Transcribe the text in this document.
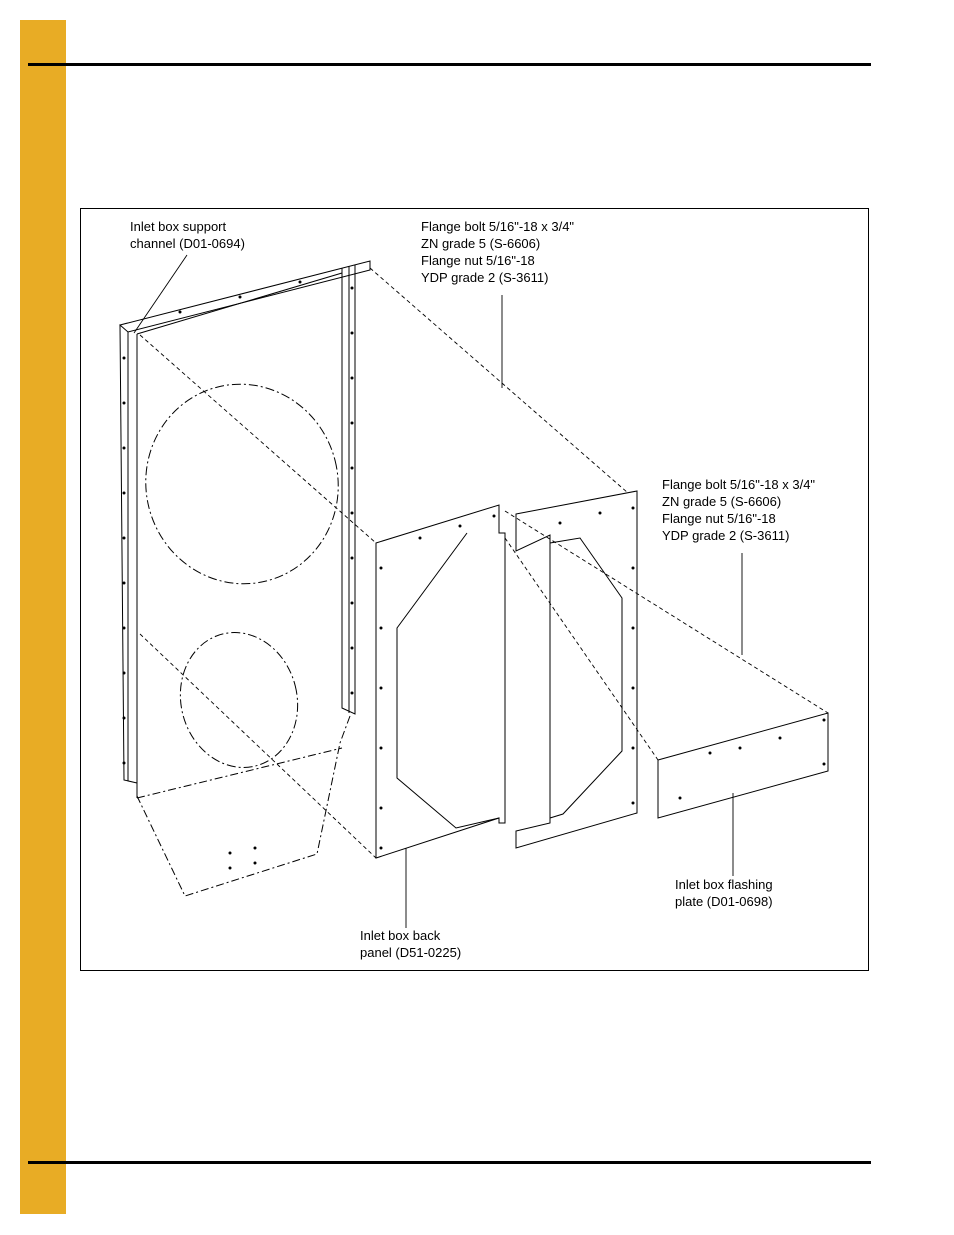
Inlet box support
channel (D01-0694)

Flange bolt 5/16"-18 x 3/4"
ZN grade 5 (S-6606)
Flange nut 5/16"-18
YDP grade 2 (S-3611)

Flange bolt 5/16"-18 x 3/4"
ZN grade 5 (S-6606)
Flange nut 5/16"-18
YDP grade 2 (S-3611)

Inlet box flashing
plate (D01-0698)

Inlet box back
panel (D51-0225)
